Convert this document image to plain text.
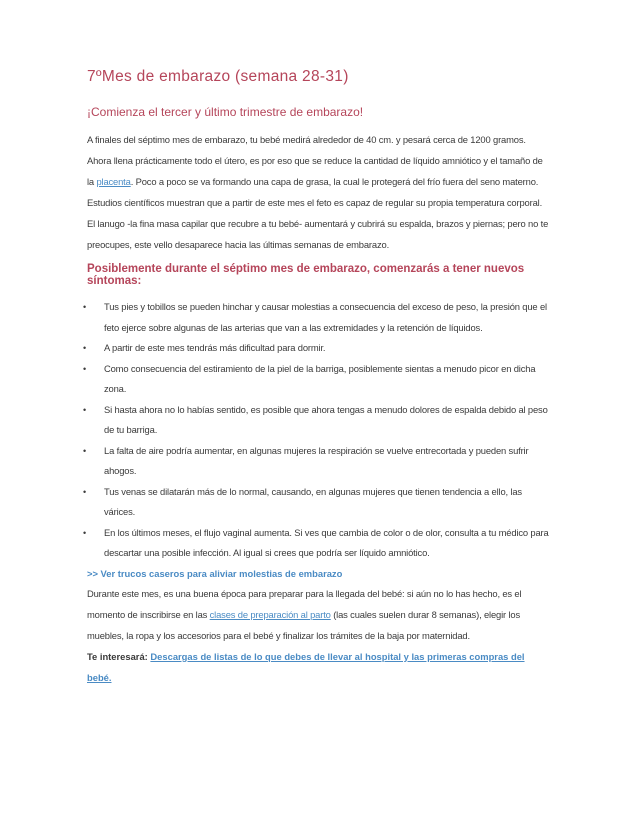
7ºMes de embarazo (semana 28-31)

¡Comienza el tercer y último trimestre de embarazo!

A finales del séptimo mes de embarazo, tu bebé medirá alrededor de 40 cm. y pesará cerca de 1200 gramos. Ahora llena prácticamente todo el útero, es por eso que se reduce la cantidad de líquido amniótico y el tamaño de la placenta. Poco a poco se va formando una capa de grasa, la cual le protegerá del frío fuera del seno materno. Estudios científicos muestran que a partir de este mes el feto es capaz de regular su propia temperatura corporal. El lanugo -la fina masa capilar que recubre a tu bebé- aumentará y cubrirá su espalda, brazos y piernas; pero no te preocupes, este vello desaparece hacia las últimas semanas de embarazo.

Posiblemente durante el séptimo mes de embarazo, comenzarás a tener nuevos síntomas:
• Tus pies y tobillos se pueden hinchar y causar molestias a consecuencia del exceso de peso, la presión que el feto ejerce sobre algunas de las arterias que van a las extremidades y la retención de líquidos.
• A partir de este mes tendrás más dificultad para dormir.
• Como consecuencia del estiramiento de la piel de la barriga, posiblemente sientas a menudo picor en dicha zona.
• Si hasta ahora no lo habías sentido, es posible que ahora tengas a menudo dolores de espalda debido al peso de tu barriga.
• La falta de aire podría aumentar, en algunas mujeres la respiración se vuelve entrecortada y pueden sufrir ahogos.
• Tus venas se dilatarán más de lo normal, causando, en algunas mujeres que tienen tendencia a ello, las várices.
• En los últimos meses, el flujo vaginal aumenta. Si ves que cambia de color o de olor, consulta a tu médico para descartar una posible infección. Al igual si crees que podría ser líquido amniótico.

>> Ver trucos caseros para aliviar molestias de embarazo

Durante este mes, es una buena época para preparar para la llegada del bebé: si aún no lo has hecho, es el momento de inscribirse en las clases de preparación al parto (las cuales suelen durar 8 semanas), elegir los muebles, la ropa y los accesorios para el bebé y finalizar los trámites de la baja por maternidad.

Te interesará: Descargas de listas de lo que debes de llevar al hospital y las primeras compras del bebé.
